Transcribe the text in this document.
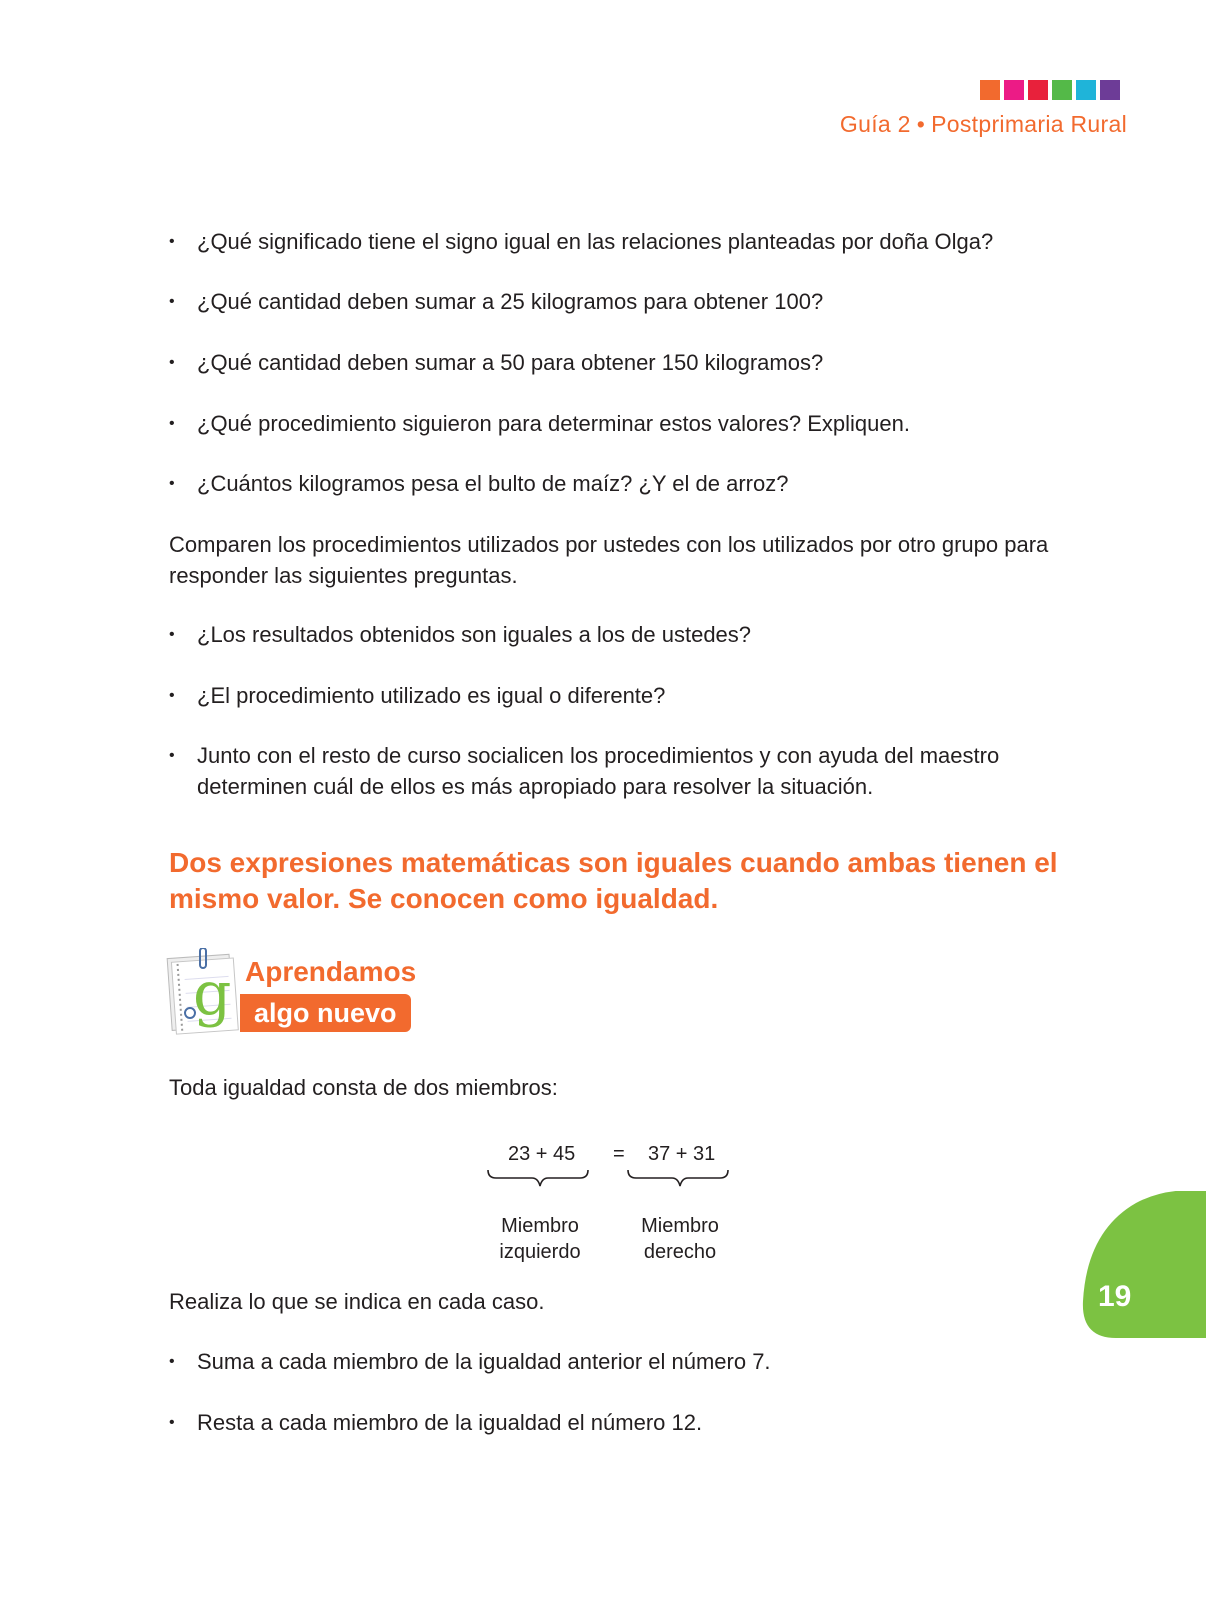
Guía 2 • Postprimaria Rural
• ¿Qué significado tiene el signo igual en las relaciones planteadas por doña Olga?
• ¿Qué cantidad deben sumar a 25 kilogramos para obtener 100?
• ¿Qué cantidad deben sumar a 50 para obtener 150 kilogramos?
• ¿Qué procedimiento siguieron para determinar estos valores? Expliquen.
• ¿Cuántos kilogramos pesa el bulto de maíz? ¿Y el de arroz?
Comparen los procedimientos utilizados por ustedes con los utilizados por otro grupo para responder las siguientes preguntas.
• ¿Los resultados obtenidos son iguales a los de ustedes?
• ¿El procedimiento utilizado es igual o diferente?
• Junto con el resto de curso socialicen los procedimientos y con ayuda del maestro determinen cuál de ellos es más apropiado para resolver la situación.
Dos expresiones matemáticas son iguales cuando ambas tienen el mismo valor. Se conocen como igualdad.
g Aprendamos
algo nuevo
Toda igualdad consta de dos miembros:
23 + 45 = 37 + 31
Miembro
izquierdo
Miembro
derecho
Realiza lo que se indica en cada caso.
• Suma a cada miembro de la igualdad anterior el número 7.
• Resta a cada miembro de la igualdad el número 12.
19
